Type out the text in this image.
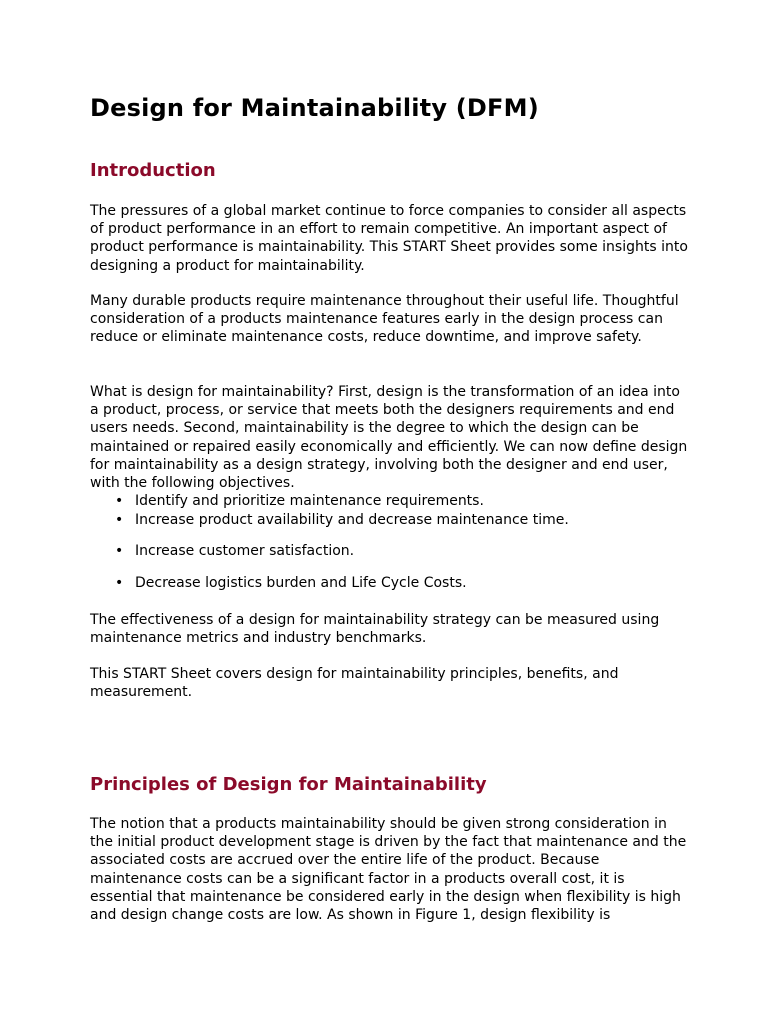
Design for Maintainability (DFM)
Introduction

The pressures of a global market continue to force companies to consider all aspects of product performance in an effort to remain competitive. An important aspect of product performance is maintainability. This START Sheet provides some insights into designing a product for maintainability.

Many durable products require maintenance throughout their useful life. Thoughtful consideration of a products maintenance features early in the design process can reduce or eliminate maintenance costs, reduce downtime, and improve safety.

What is design for maintainability? First, design is the transformation of an idea into a product, process, or service that meets both the designers requirements and end users needs. Second, maintainability is the degree to which the design can be maintained or repaired easily economically and efficiently. We can now define design for maintainability as a design strategy, involving both the designer and end user, with the following objectives.

• Identify and prioritize maintenance requirements.
• Increase product availability and decrease maintenance time.
• Increase customer satisfaction.
• Decrease logistics burden and Life Cycle Costs.

The effectiveness of a design for maintainability strategy can be measured using maintenance metrics and industry benchmarks.

This START Sheet covers design for maintainability principles, benefits, and measurement.

Principles of Design for Maintainability

The notion that a products maintainability should be given strong consideration in the initial product development stage is driven by the fact that maintenance and the associated costs are accrued over the entire life of the product. Because maintenance costs can be a significant factor in a products overall cost, it is essential that maintenance be considered early in the design when flexibility is high and design change costs are low. As shown in Figure 1, design flexibility is
